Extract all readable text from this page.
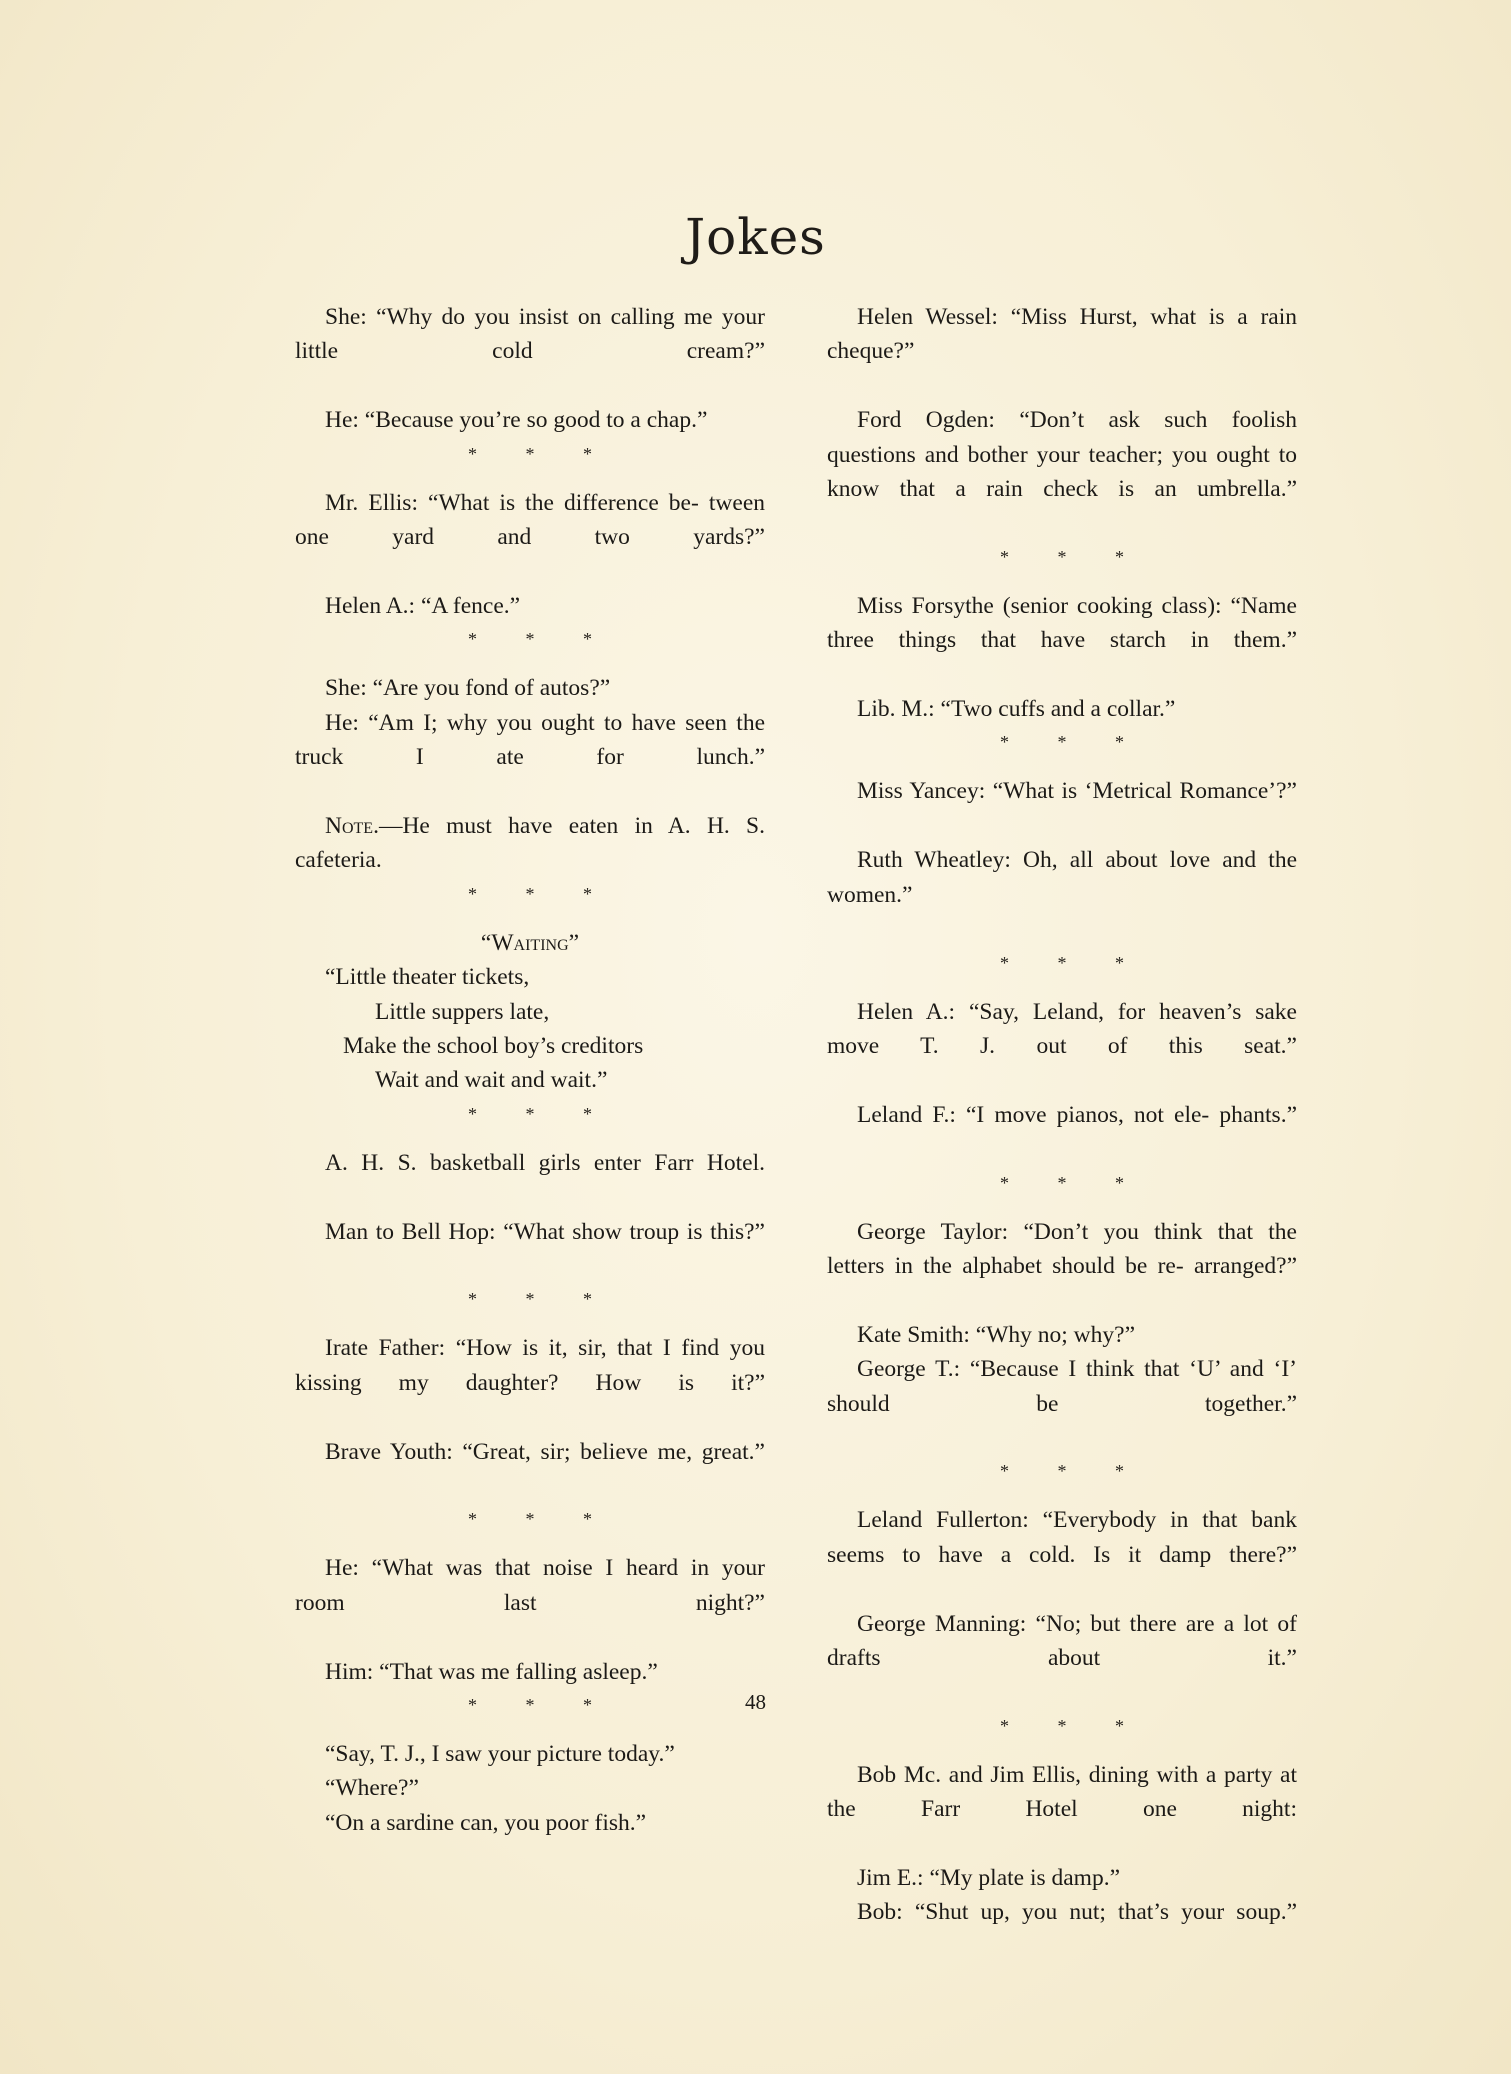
Jokes

She: “Why do you insist on calling me your little cold cream?”

He: “Because you’re so good to a chap.”

* * *

Mr. Ellis: “What is the difference be- tween one yard and two yards?”

Helen A.: “A fence.”

* * *

She: “Are you fond of autos?”

He: “Am I; why you ought to have seen the truck I ate for lunch.”

Note.—He must have eaten in A. H. S. cafeteria.

* * *

“Waiting”

“Little theater tickets,

Little suppers late,

Make the school boy’s creditors

Wait and wait and wait.”

* * *

A. H. S. basketball girls enter Farr Hotel.

Man to Bell Hop: “What show troup is this?”

* * *

Irate Father: “How is it, sir, that I find you kissing my daughter? How is it?”

Brave Youth: “Great, sir; believe me, great.”

* * *

He: “What was that noise I heard in your room last night?”

Him: “That was me falling asleep.”

* * *

“Say, T. J., I saw your picture today.”

“Where?”

“On a sardine can, you poor fish.”

Helen Wessel: “Miss Hurst, what is a rain cheque?”

Ford Ogden: “Don’t ask such foolish questions and bother your teacher; you ought to know that a rain check is an umbrella.”

* * *

Miss Forsythe (senior cooking class): “Name three things that have starch in them.”

Lib. M.: “Two cuffs and a collar.”

* * *

Miss Yancey: “What is ‘Metrical Romance’?”

Ruth Wheatley: Oh, all about love and the women.”

* * *

Helen A.: “Say, Leland, for heaven’s sake move T. J. out of this seat.”

Leland F.: “I move pianos, not ele- phants.”

* * *

George Taylor: “Don’t you think that the letters in the alphabet should be re- arranged?”

Kate Smith: “Why no; why?”

George T.: “Because I think that ‘U’ and ‘I’ should be together.”

* * *

Leland Fullerton: “Everybody in that bank seems to have a cold. Is it damp there?”

George Manning: “No; but there are a lot of drafts about it.”

* * *

Bob Mc. and Jim Ellis, dining with a party at the Farr Hotel one night:

Jim E.: “My plate is damp.”

Bob: “Shut up, you nut; that’s your soup.”

48
